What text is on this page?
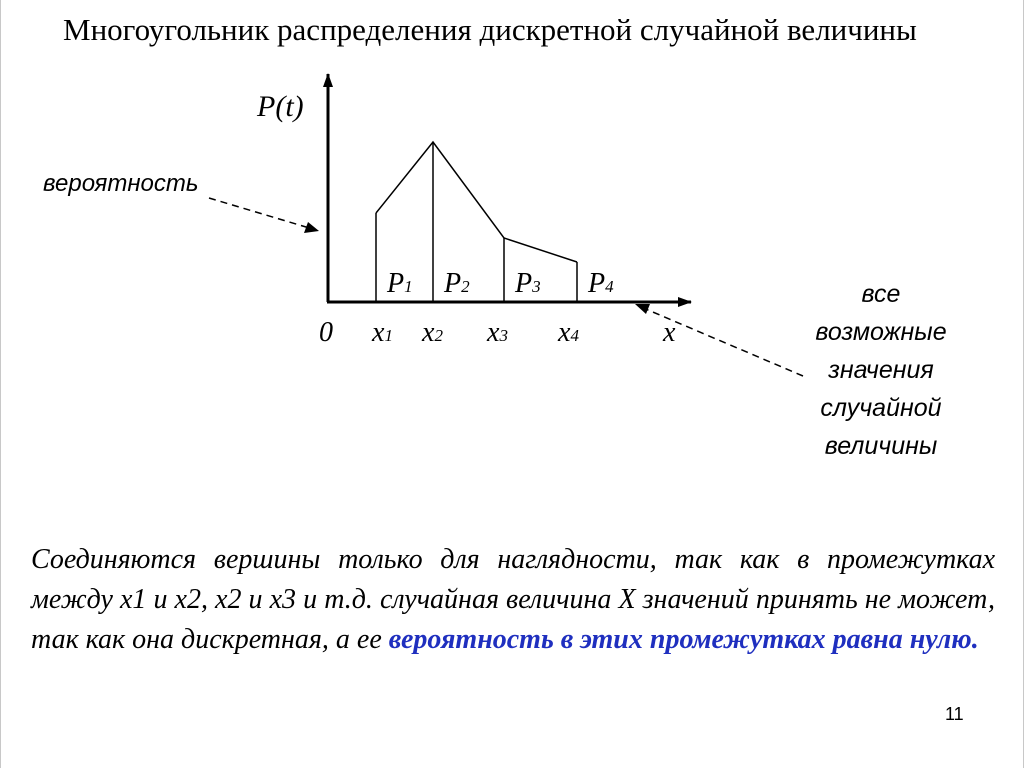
Многоугольник распределения дискретной случайной величины
P(t)
P1 P2 P3 P4
0 x1 x2 x3 x4	x
вероятность
все
возможные
значения
случайной
величины
Соединяются вершины только для наглядности, так как в промежутках между x1 и x2, x2 и x3 и т.д. случайная величина X значений принять не может, так как она дискретная, а ее вероятность в этих промежутках равна нулю.
11
